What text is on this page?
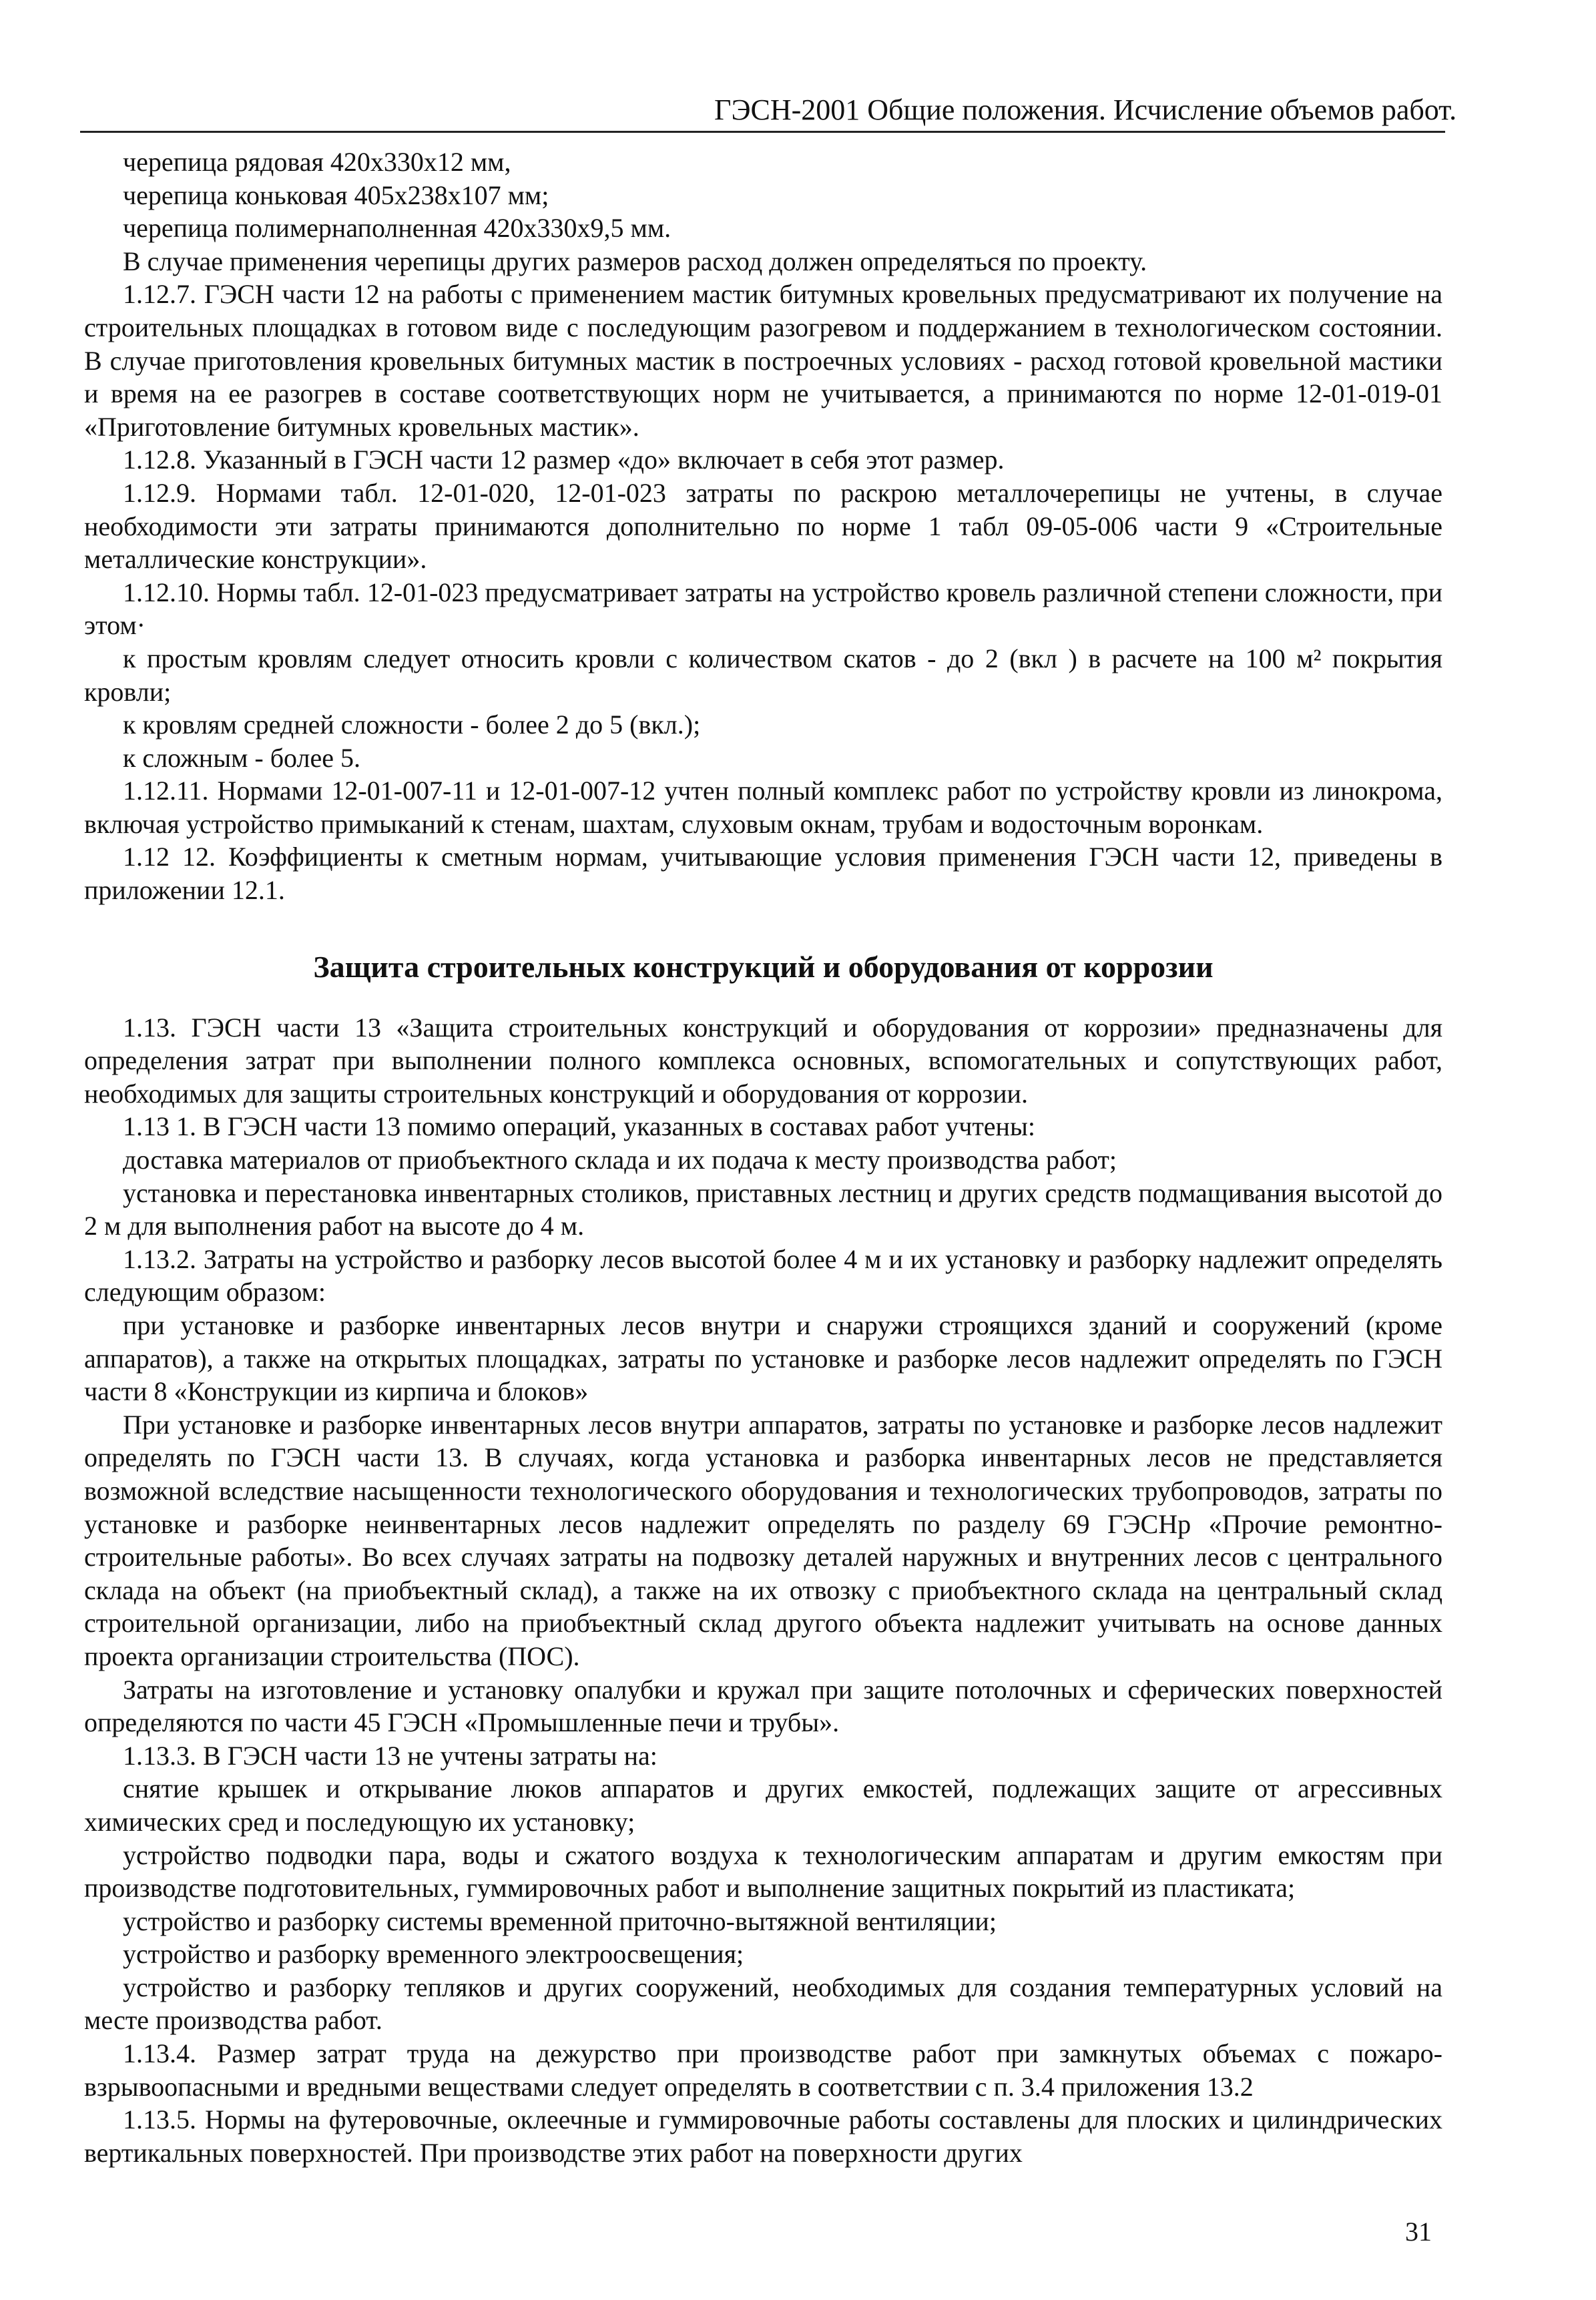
ГЭСН-2001 Общие положения. Исчисление объемов работ.

черепица рядовая 420х330х12 мм,

черепица коньковая 405х238х107 мм;

черепица полимернаполненная 420х330х9,5 мм.

В случае применения черепицы других размеров расход должен определяться по проекту.

1.12.7. ГЭСН части 12 на работы с применением мастик битумных кровельных предусматривают их получение на строительных площадках в готовом виде с последующим разогревом и поддержанием в технологическом состоянии. В случае приготовления кровельных битумных мастик в построечных условиях - расход готовой кровельной мастики и время на ее разогрев в составе соответствующих норм не учитывается, а принимаются по норме 12-01-019-01 «Приготовление битумных кровельных мастик».

1.12.8. Указанный в ГЭСН части 12 размер «до» включает в себя этот размер.

1.12.9. Нормами табл. 12-01-020, 12-01-023 затраты по раскрою металлочерепицы не учтены, в случае необходимости эти затраты принимаются дополнительно по норме 1 табл 09-05-006 части 9 «Строительные металлические конструкции».

1.12.10. Нормы табл. 12-01-023 предусматривает затраты на устройство кровель различной степени сложности, при этом·

к простым кровлям следует относить кровли с количеством скатов - до 2 (вкл ) в расчете на 100 м² покрытия кровли;

к кровлям средней сложности - более 2 до 5 (вкл.);

к сложным - более 5.

1.12.11. Нормами 12-01-007-11 и 12-01-007-12 учтен полный комплекс работ по устройству кровли из линокрома, включая устройство примыканий к стенам, шахтам, слуховым окнам, трубам и водосточным воронкам.

1.12 12. Коэффициенты к сметным нормам, учитывающие условия применения ГЭСН части 12, приведены в приложении 12.1.

Защита строительных конструкций и оборудования от коррозии

1.13. ГЭСН части 13 «Защита строительных конструкций и оборудования от коррозии» предназначены для определения затрат при выполнении полного комплекса основных, вспомогательных и сопутствующих работ, необходимых для защиты строительных конструкций и оборудования от коррозии.

1.13 1. В ГЭСН части 13 помимо операций, указанных в составах работ учтены:

доставка материалов от приобъектного склада и их подача к месту производства работ;

установка и перестановка инвентарных столиков, приставных лестниц и других средств подмащивания высотой до 2 м для выполнения работ на высоте до 4 м.

1.13.2. Затраты на устройство и разборку лесов высотой более 4 м и их установку и разборку надлежит определять следующим образом:

при установке и разборке инвентарных лесов внутри и снаружи строящихся зданий и сооружений (кроме аппаратов), а также на открытых площадках, затраты по установке и разборке лесов надлежит определять по ГЭСН части 8 «Конструкции из кирпича и блоков»

При установке и разборке инвентарных лесов внутри аппаратов, затраты по установке и разборке лесов надлежит определять по ГЭСН части 13. В случаях, когда установка и разборка инвентарных лесов не представляется возможной вследствие насыщенности технологического оборудования и технологических трубопроводов, затраты по установке и разборке неинвентарных лесов надлежит определять по разделу 69 ГЭСНр «Прочие ремонтно-строительные работы». Во всех случаях затраты на подвозку деталей наружных и внутренних лесов с центрального склада на объект (на приобъектный склад), а также на их отвозку с приобъектного склада на центральный склад строительной организации, либо на приобъектный склад другого объекта надлежит учитывать на основе данных проекта организации строительства (ПОС).

Затраты на изготовление и установку опалубки и кружал при защите потолочных и сферических поверхностей определяются по части 45 ГЭСН «Промышленные печи и трубы».

1.13.3. В ГЭСН части 13 не учтены затраты на:

снятие крышек и открывание люков аппаратов и других емкостей, подлежащих защите от агрессивных химических сред и последующую их установку;

устройство подводки пара, воды и сжатого воздуха к технологическим аппаратам и другим емкостям при производстве подготовительных, гуммировочных работ и выполнение защитных покрытий из пластиката;

устройство и разборку системы временной приточно-вытяжной вентиляции;

устройство и разборку временного электроосвещения;

устройство и разборку тепляков и других сооружений, необходимых для создания температурных условий на месте производства работ.

1.13.4. Размер затрат труда на дежурство при производстве работ при замкнутых объемах с пожаро-взрывоопасными и вредными веществами следует определять в соответствии с п. 3.4 приложения 13.2

1.13.5. Нормы на футеровочные, оклеечные и гуммировочные работы составлены для плоских и цилиндрических вертикальных поверхностей. При производстве этих работ на поверхности других

31
